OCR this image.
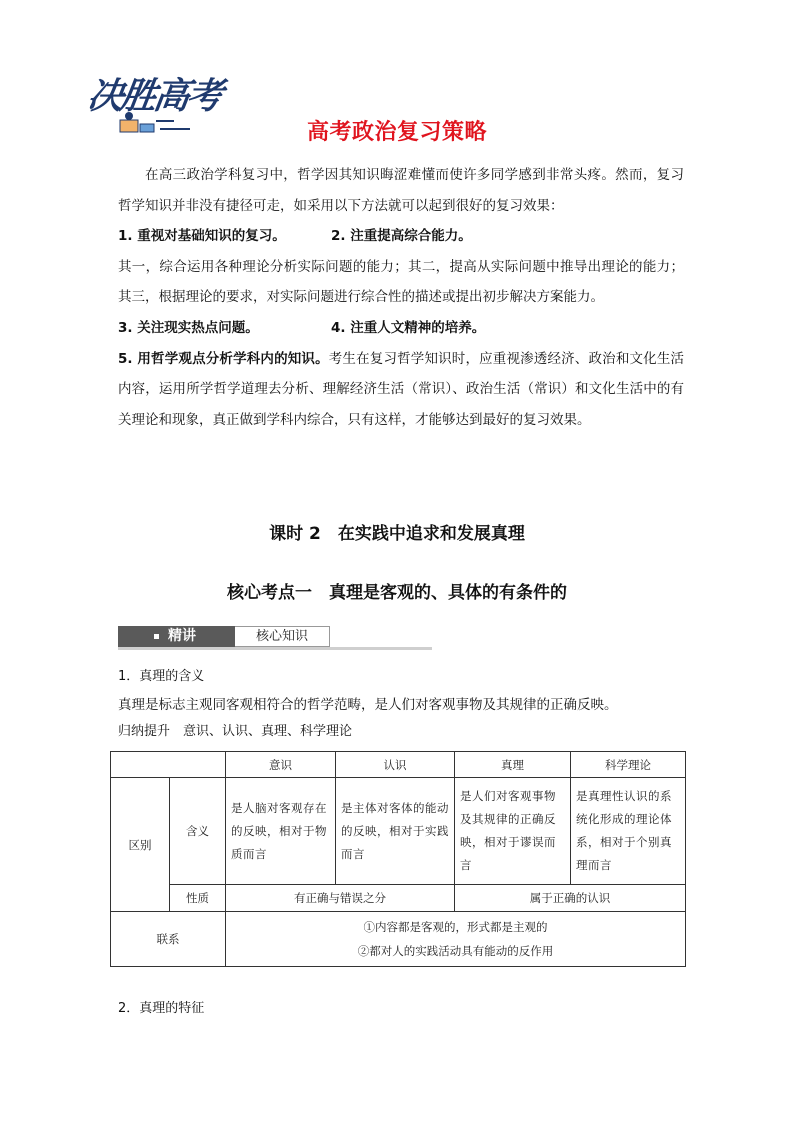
决胜高考
高考政治复习策略

在高三政治学科复习中，哲学因其知识晦涩难懂而使许多同学感到非常头疼。然而，复习哲学知识并非没有捷径可走，如采用以下方法就可以起到很好的复习效果：

1. 重视对基础知识的复习。	2. 注重提高综合能力。

其一，综合运用各种理论分析实际问题的能力；其二，提高从实际问题中推导出理论的能力；其三，根据理论的要求，对实际问题进行综合性的描述或提出初步解决方案能力。

3. 关注现实热点问题。	4. 注重人文精神的培养。

5. 用哲学观点分析学科内的知识。考生在复习哲学知识时，应重视渗透经济、政治和文化生活内容，运用所学哲学道理去分析、理解经济生活（常识）、政治生活（常识）和文化生活中的有关理论和现象，真正做到学科内综合，只有这样，才能够达到最好的复习效果。

课时 2　在实践中追求和发展真理
核心考点一　真理是客观的、具体的有条件的
精讲	核心知识
1．真理的含义
真理是标志主观同客观相符合的哲学范畴，是人们对客观事物及其规律的正确反映。
归纳提升　意识、认识、真理、科学理论
		意识	认识	真理	科学理论
区别	含义	是人脑对客观存在的反映，相对于物质而言	是主体对客体的能动的反映，相对于实践而言	是人们对客观事物及其规律的正确反映，相对于谬误而言	是真理性认识的系统化形成的理论体系，相对于个别真理而言
	性质	有正确与错误之分		属于正确的认识	
联系		①内容都是客观的，形式都是主观的
②都对人的实践活动具有能动的反作用			
2．真理的特征
